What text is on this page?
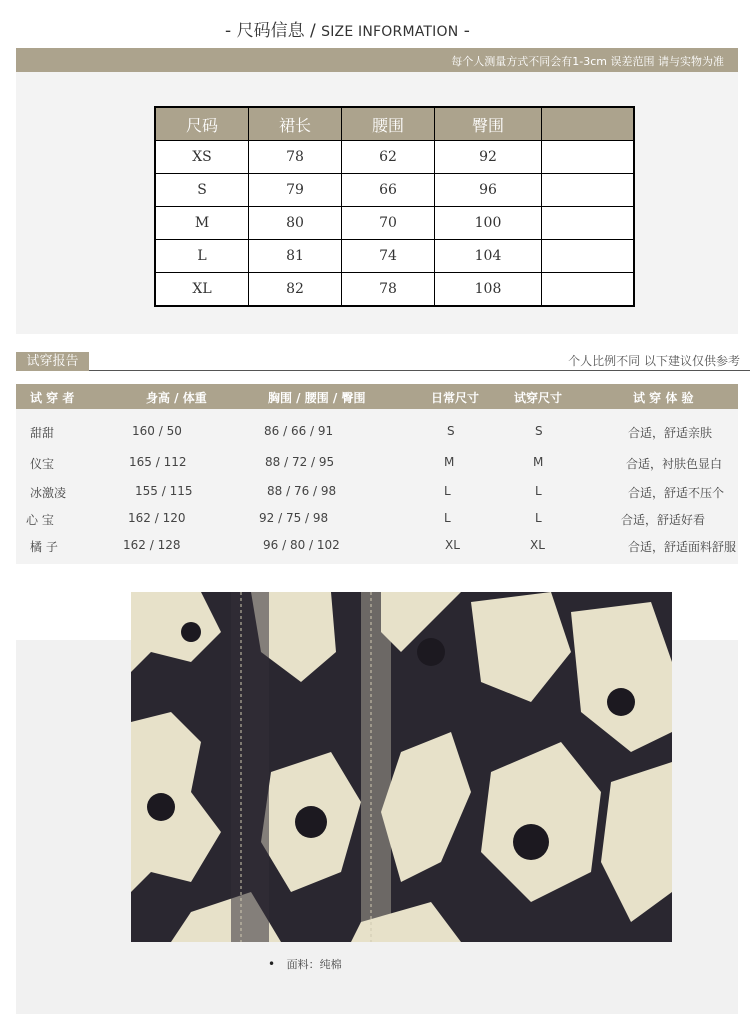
- 尺码信息 / SIZE INFORMATION -
每个人测量方式不同会有1-3cm 误差范围 请与实物为准
尺码	裙长	腰围	臀围	
XS	78	62	92	
S	79	66	96	
M	80	70	100	
L	81	74	104	
XL	82	78	108	
试穿报告	个人比例不同 以下建议仅供参考
试 穿 者	身高 / 体重	胸围 / 腰围 / 臀围	日常尺寸	试穿尺寸	试 穿 体 验
甜甜	160 / 50	86 / 66 / 91	S	S	合适，舒适亲肤
仪宝	165 / 112	88 / 72 / 95	M	M	合适，衬肤色显白
冰激凌	155 / 115	88 / 76 / 98	L	L	合适，舒适不压个
心 宝	162 / 120	92 / 75 / 98	L	L	合适，舒适好看
橘 子	162 / 128	96 / 80 / 102	XL	XL	合适，舒适面料舒服
• 面料：纯棉
